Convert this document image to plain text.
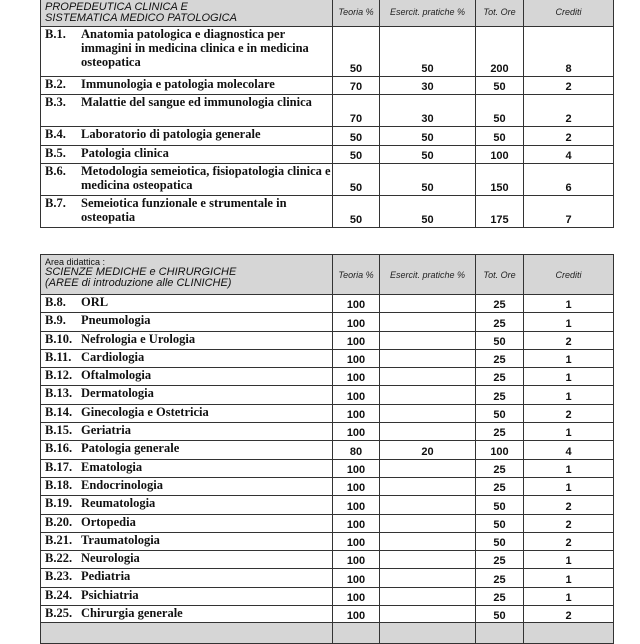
PROPEDEUTICA CLINICA E
SISTEMATICA MEDICO PATOLOGICA	Teoria %	Esercit. pratiche %	Tot. Ore	Crediti

B.1. Anatomia patologica e diagnostica per immagini in medicina clinica e in medicina osteopatica	50	50	200	8

B.2. Immunologia e patologia molecolare	70	30	50	2

B.3. Malattie del sangue ed immunologia clinica	70	30	50	2

B.4. Laboratorio di patologia generale	50	50	50	2

B.5. Patologia clinica	50	50	100	4

B.6. Metodologia semeiotica, fisiopatologia clinica e medicina osteopatica	50	50	150	6

B.7. Semeiotica funzionale e strumentale in osteopatia	50	50	175	7
Area didattica :
SCIENZE MEDICHE e CHIRURGICHE
(AREE di introduzione alle CLINICHE)	Teoria %	Esercit. pratiche %	Tot. Ore	Crediti

B.8. ORL	100		25	1

B.9. Pneumologia	100		25	1

B.10. Nefrologia e Urologia	100		50	2

B.11. Cardiologia	100		25	1

B.12. Oftalmologia	100		25	1

B.13. Dermatologia	100		25	1

B.14. Ginecologia e Ostetricia	100		50	2

B.15. Geriatria	100		25	1

B.16. Patologia generale	80	20	100	4

B.17. Ematologia	100		25	1

B.18. Endocrinologia	100		25	1

B.19. Reumatologia	100		50	2

B.20. Ortopedia	100		50	2

B.21. Traumatologia	100		50	2

B.22. Neurologia	100		25	1

B.23. Pediatria	100		25	1

B.24. Psichiatria	100		25	1

B.25. Chirurgia generale	100		50	2
